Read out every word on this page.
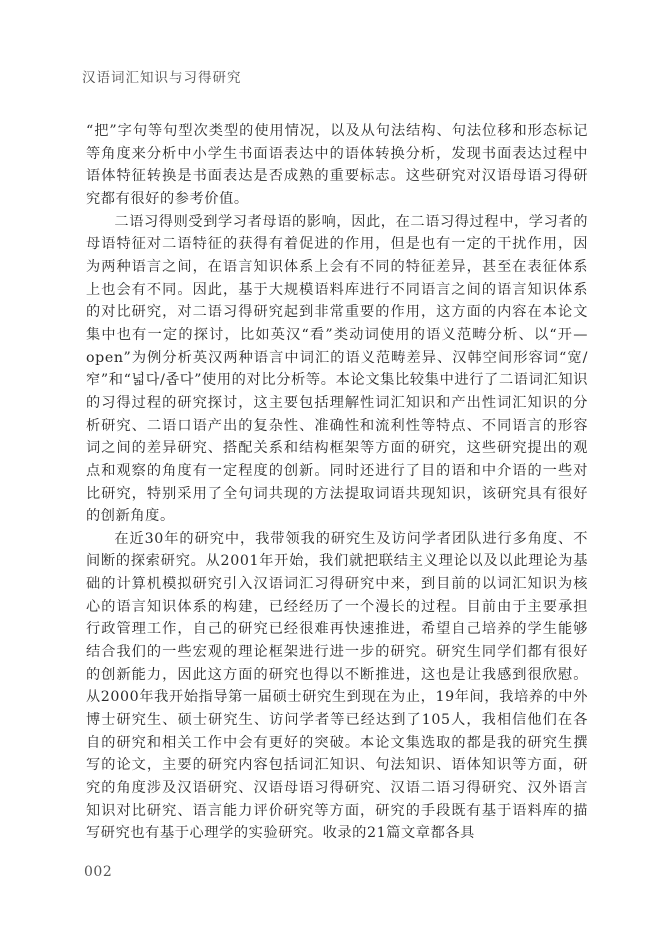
汉语词汇知识与习得研究

“把”字句等句型次类型的使用情况，以及从句法结构、句法位移和形态标记等角度来分析中小学生书面语表达中的语体转换分析，发现书面表达过程中语体特征转换是书面表达是否成熟的重要标志。这些研究对汉语母语习得研究都有很好的参考价值。

二语习得则受到学习者母语的影响，因此，在二语习得过程中，学习者的母语特征对二语特征的获得有着促进的作用，但是也有一定的干扰作用，因为两种语言之间，在语言知识体系上会有不同的特征差异，甚至在表征体系上也会有不同。因此，基于大规模语料库进行不同语言之间的语言知识体系的对比研究，对二语习得研究起到非常重要的作用，这方面的内容在本论文集中也有一定的探讨，比如英汉“看”类动词使用的语义范畴分析、以“开—open”为例分析英汉两种语言中词汇的语义范畴差异、汉韩空间形容词“宽/窄”和“넓다/좁다”使用的对比分析等。本论文集比较集中进行了二语词汇知识的习得过程的研究探讨，这主要包括理解性词汇知识和产出性词汇知识的分析研究、二语口语产出的复杂性、准确性和流利性等特点、不同语言的形容词之间的差异研究、搭配关系和结构框架等方面的研究，这些研究提出的观点和观察的角度有一定程度的创新。同时还进行了目的语和中介语的一些对比研究，特别采用了全句词共现的方法提取词语共现知识，该研究具有很好的创新角度。

在近30年的研究中，我带领我的研究生及访问学者团队进行多角度、不间断的探索研究。从2001年开始，我们就把联结主义理论以及以此理论为基础的计算机模拟研究引入汉语词汇习得研究中来，到目前的以词汇知识为核心的语言知识体系的构建，已经经历了一个漫长的过程。目前由于主要承担行政管理工作，自己的研究已经很难再快速推进，希望自己培养的学生能够结合我们的一些宏观的理论框架进行进一步的研究。研究生同学们都有很好的创新能力，因此这方面的研究也得以不断推进，这也是让我感到很欣慰。从2000年我开始指导第一届硕士研究生到现在为止，19年间，我培养的中外博士研究生、硕士研究生、访问学者等已经达到了105人，我相信他们在各自的研究和相关工作中会有更好的突破。本论文集选取的都是我的研究生撰写的论文，主要的研究内容包括词汇知识、句法知识、语体知识等方面，研究的角度涉及汉语研究、汉语母语习得研究、汉语二语习得研究、汉外语言知识对比研究、语言能力评价研究等方面，研究的手段既有基于语料库的描写研究也有基于心理学的实验研究。收录的21篇文章都各具

002
